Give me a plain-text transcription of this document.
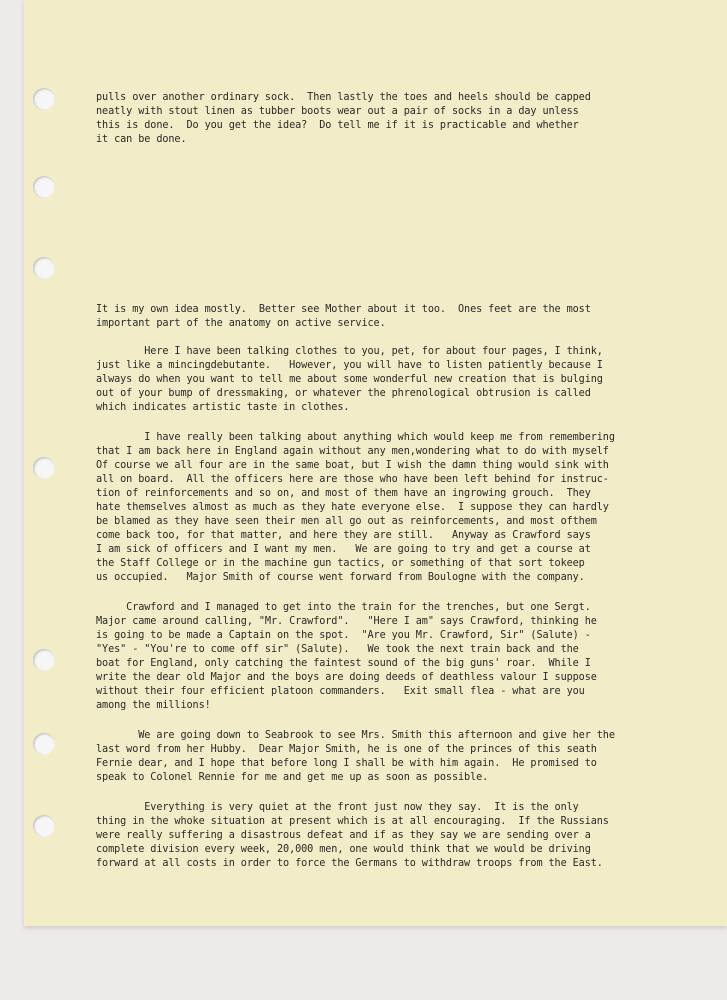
pulls over another ordinary sock.  Then lastly the toes and heels should be capped
neatly with stout linen as tubber boots wear out a pair of socks in a day unless
this is done.  Do you get the idea?  Do tell me if it is practicable and whether
it can be done.
It is my own idea mostly.  Better see Mother about it too.  Ones feet are the most
important part of the anatomy on active service.
Here I have been talking clothes to you, pet, for about four pages, I think,
just like a mincingdebutante.   However, you will have to listen patiently because I
always do when you want to tell me about some wonderful new creation that is bulging
out of your bump of dressmaking, or whatever the phrenological obtrusion is called
which indicates artistic taste in clothes.
I have really been talking about anything which would keep me from remembering
that I am back here in England again without any men,wondering what to do with myself
Of course we all four are in the same boat, but I wish the damn thing would sink with
all on board.  All the officers here are those who have been left behind for instruc-
tion of reinforcements and so on, and most of them have an ingrowing grouch.  They
hate themselves almost as much as they hate everyone else.  I suppose they can hardly
be blamed as they have seen their men all go out as reinforcements, and most ofthem
come back too, for that matter, and here they are still.   Anyway as Crawford says
I am sick of officers and I want my men.   We are going to try and get a course at
the Staff College or in the machine gun tactics, or something of that sort tokeep
us occupied.   Major Smith of course went forward from Boulogne with the company.
Crawford and I managed to get into the train for the trenches, but one Sergt.
Major came around calling, "Mr. Crawford".   "Here I am" says Crawford, thinking he
is going to be made a Captain on the spot.  "Are you Mr. Crawford, Sir" (Salute) -
"Yes" - "You're to come off sir" (Salute).   We took the next train back and the
boat for England, only catching the faintest sound of the big guns' roar.  While I
write the dear old Major and the boys are doing deeds of deathless valour I suppose
without their four efficient platoon commanders.   Exit small flea - what are you
among the millions!
We are going down to Seabrook to see Mrs. Smith this afternoon and give her the
last word from her Hubby.  Dear Major Smith, he is one of the princes of this seath
Fernie dear, and I hope that before long I shall be with him again.  He promised to
speak to Colonel Rennie for me and get me up as soon as possible.
Everything is very quiet at the front just now they say.  It is the only
thing in the whoke situation at present which is at all encouraging.  If the Russians
were really suffering a disastrous defeat and if as they say we are sending over a
complete division every week, 20,000 men, one would think that we would be driving
forward at all costs in order to force the Germans to withdraw troops from the East.
